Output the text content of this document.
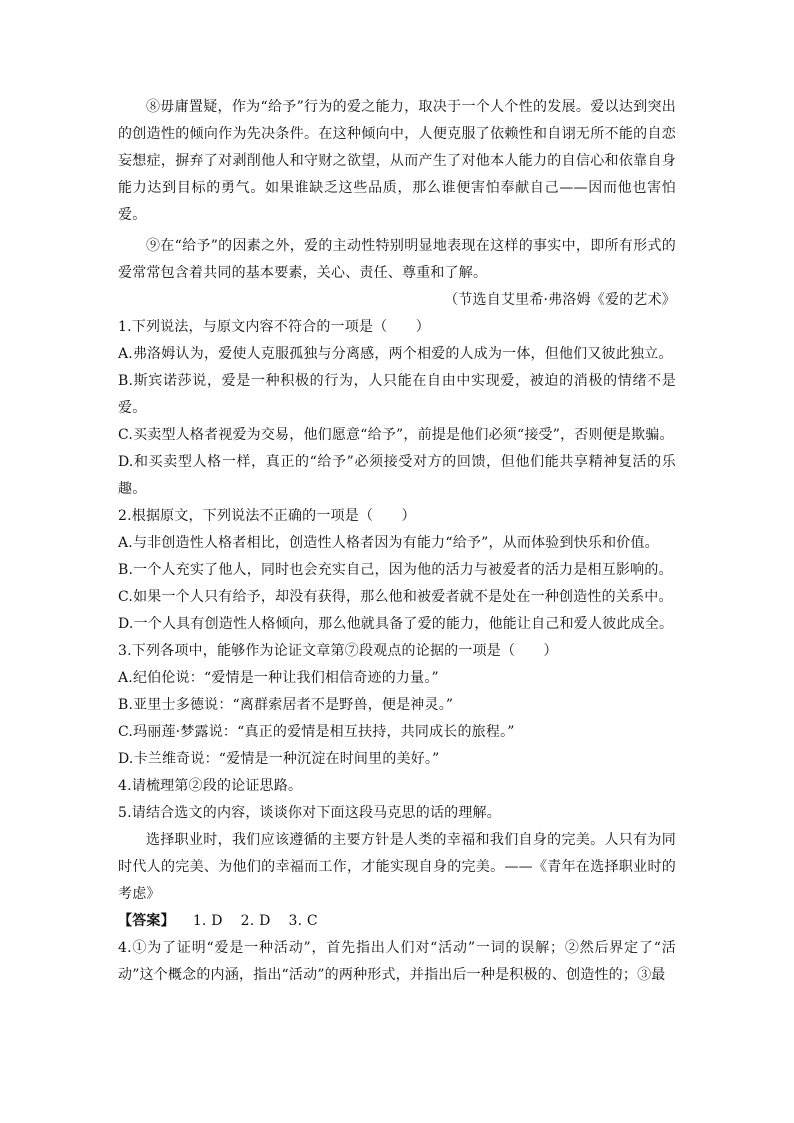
⑧毋庸置疑，作为“给予”行为的爱之能力，取决于一个人个性的发展。爱以达到突出的创造性的倾向作为先决条件。在这种倾向中，人便克服了依赖性和自诩无所不能的自恋妄想症，摒弃了对剥削他人和守财之欲望，从而产生了对他本人能力的自信心和依靠自身能力达到目标的勇气。如果谁缺乏这些品质，那么谁便害怕奉献自己——因而他也害怕爱。

⑨在“给予”的因素之外，爱的主动性特别明显地表现在这样的事实中，即所有形式的爱常常包含着共同的基本要素，关心、责任、尊重和了解。

（节选自艾里希·弗洛姆《爱的艺术》

1.下列说法，与原文内容不符合的一项是（　　）

A.弗洛姆认为，爱使人克服孤独与分离感，两个相爱的人成为一体，但他们又彼此独立。

B.斯宾诺莎说，爱是一种积极的行为，人只能在自由中实现爱，被迫的消极的情绪不是爱。

C.买卖型人格者视爱为交易，他们愿意“给予”，前提是他们必须“接受”，否则便是欺骗。

D.和买卖型人格一样，真正的“给予”必须接受对方的回馈，但他们能共享精神复活的乐趣。

2.根据原文，下列说法不正确的一项是（　　）

A.与非创造性人格者相比，创造性人格者因为有能力“给予”，从而体验到快乐和价值。

B.一个人充实了他人，同时也会充实自己，因为他的活力与被爱者的活力是相互影响的。

C.如果一个人只有给予，却没有获得，那么他和被爱者就不是处在一种创造性的关系中。

D.一个人具有创造性人格倾向，那么他就具备了爱的能力，他能让自己和爱人彼此成全。

3.下列各项中，能够作为论证文章第⑦段观点的论据的一项是（　　）

A.纪伯伦说：“爱情是一种让我们相信奇迹的力量。”

B.亚里士多德说：“离群索居者不是野兽，便是神灵。”

C.玛丽莲·梦露说：“真正的爱情是相互扶持，共同成长的旅程。”

D.卡兰维奇说：“爱情是一种沉淀在时间里的美好。”

4.请梳理第②段的论证思路。

5.请结合选文的内容，谈谈你对下面这段马克思的话的理解。

选择职业时，我们应该遵循的主要方针是人类的幸福和我们自身的完美。人只有为同时代人的完美、为他们的幸福而工作，才能实现自身的完美。——《青年在选择职业时的考虑》

【答案】 1. D 2. D 3. C

4.①为了证明“爱是一种活动”，首先指出人们对“活动”一词的误解；②然后界定了“活动”这个概念的内涵，指出“活动”的两种形式，并指出后一种是积极的、创造性的；③最
